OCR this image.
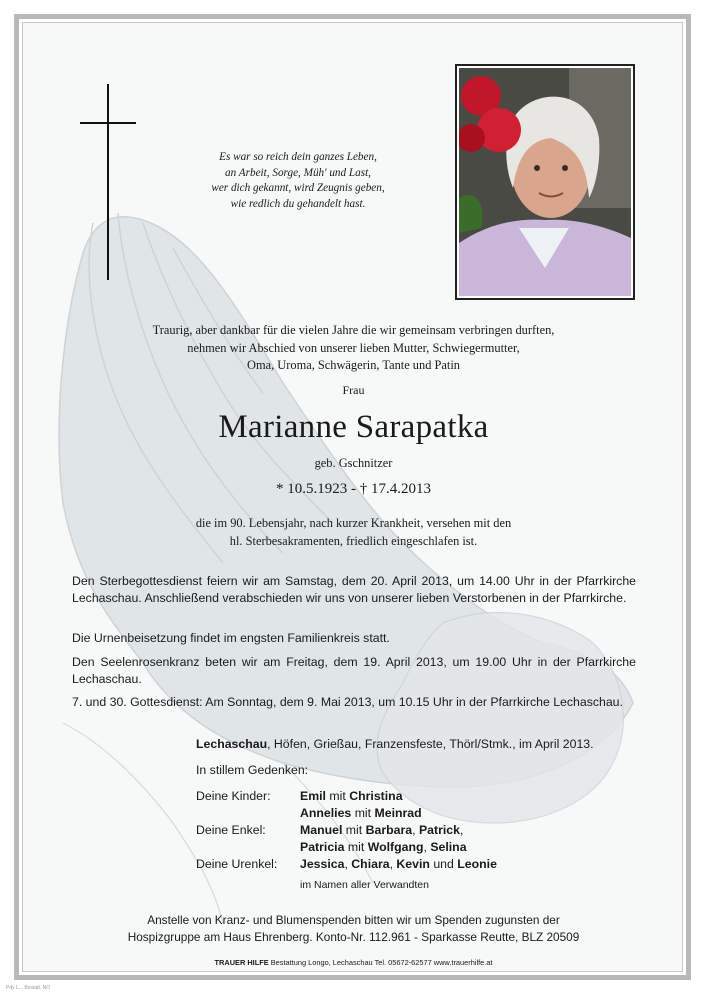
Es war so reich dein ganzes Leben,
an Arbeit, Sorge, Müh' und Last,
wer dich gekannt, wird Zeugnis geben,
wie redlich du gehandelt hast.
Traurig, aber dankbar für die vielen Jahre die wir gemeinsam verbringen durften,
nehmen wir Abschied von unserer lieben Mutter, Schwiegermutter,
Oma, Uroma, Schwägerin, Tante und Patin
Frau
Marianne Sarapatka
geb. Gschnitzer
* 10.5.1923 - † 17.4.2013
die im 90. Lebensjahr, nach kurzer Krankheit, versehen mit den
hl. Sterbesakramenten, friedlich eingeschlafen ist.
Den Sterbegottesdienst feiern wir am Samstag, dem 20. April 2013, um 14.00 Uhr in der Pfarrkirche Lechaschau. Anschließend verabschieden wir uns von unserer lieben Verstorbenen in der Pfarrkirche.
Die Urnenbeisetzung findet im engsten Familienkreis statt.
Den Seelenrosenkranz beten wir am Freitag, dem 19. April 2013, um 19.00 Uhr in der Pfarrkirche Lechaschau.
7. und 30. Gottesdienst: Am Sonntag, dem 9. Mai 2013, um 10.15 Uhr in der Pfarrkirche Lechaschau.
Lechaschau, Höfen, Grießau, Franzensfeste, Thörl/Stmk., im April 2013.
In stillem Gedenken:
Deine Kinder: Emil mit Christina
Annelies mit Meinrad
Deine Enkel:	Manuel mit Barbara, Patrick,
Patricia mit Wolfgang, Selina
Deine Urenkel: Jessica, Chiara, Kevin und Leonie
im Namen aller Verwandten
Anstelle von Kranz- und Blumenspenden bitten wir um Spenden zugunsten der
Hospizgruppe am Haus Ehrenberg. Konto-Nr. 112.961 - Sparkasse Reutte, BLZ 20509
TRAUER HILFE Bestattung Longo, Lechaschau Tel. 05672-62577 www.trauerhilfe.at
Pdy L... Bestatt. NO
